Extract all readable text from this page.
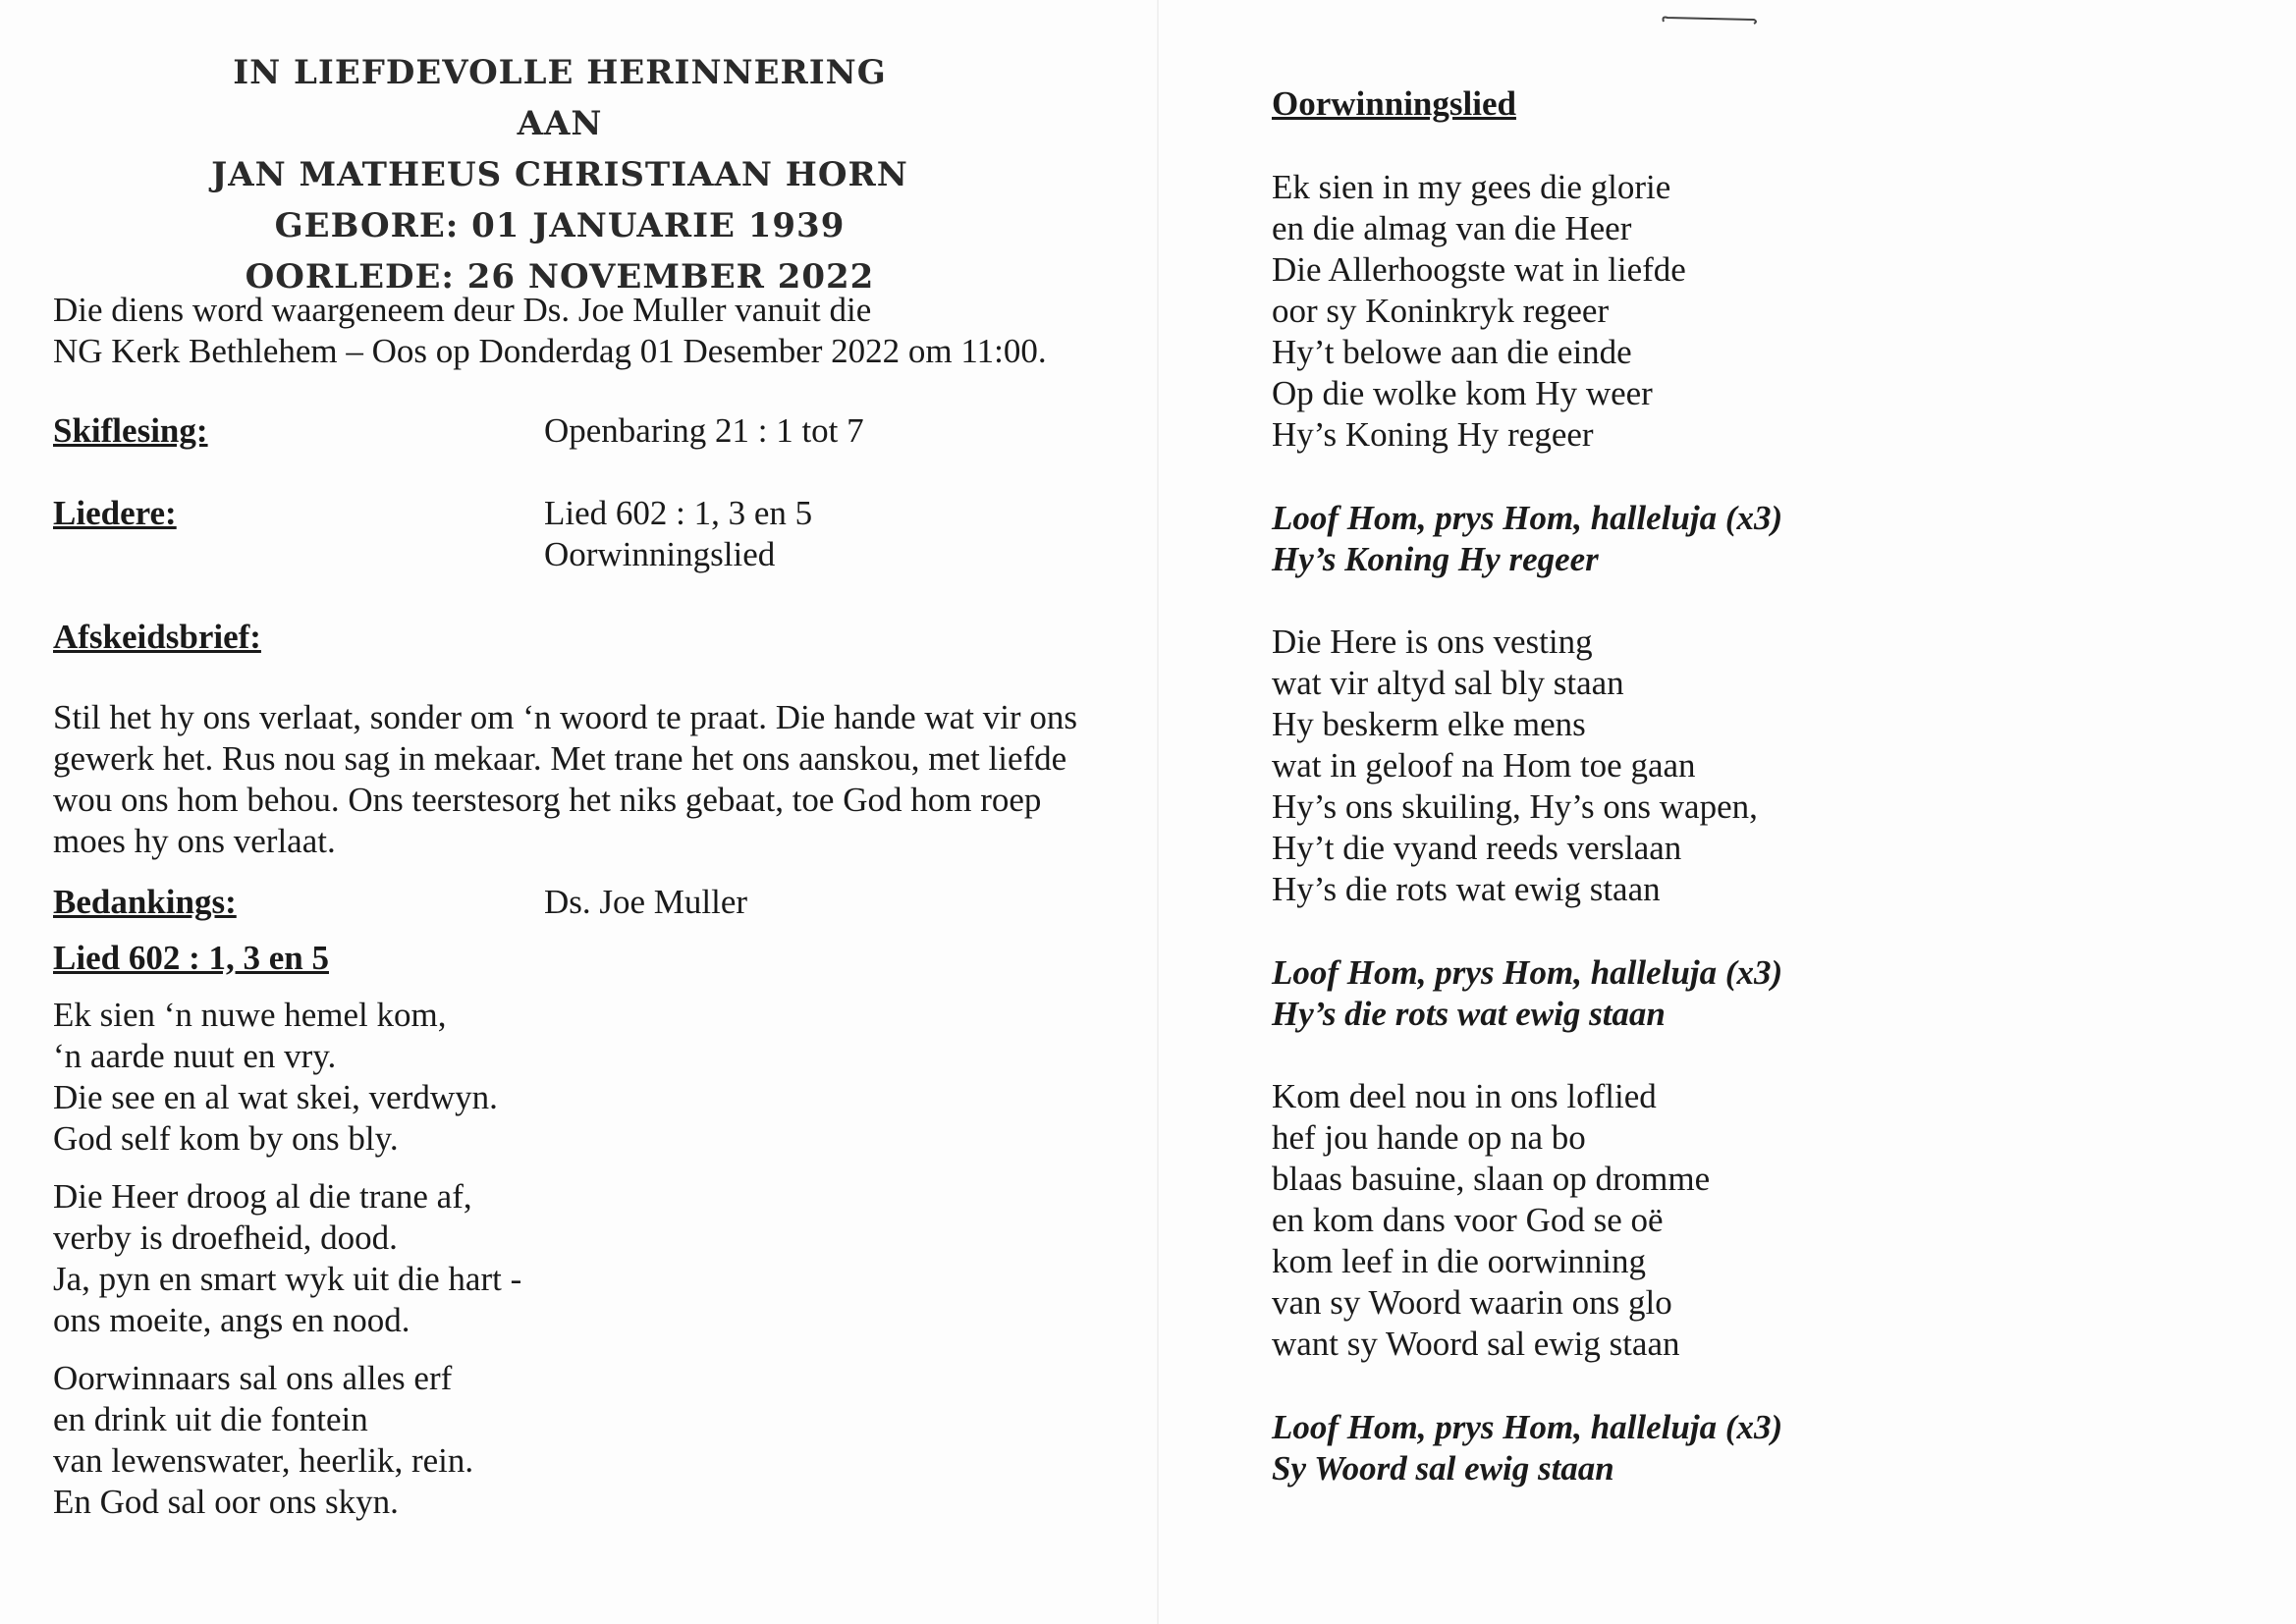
IN LIEFDEVOLLE HERINNERING AAN
JAN MATHEUS CHRISTIAAN HORN
GEBORE: 01 JANUARIE 1939
OORLEDE: 26 NOVEMBER 2022
Die diens word waargeneem deur Ds. Joe Muller vanuit die
NG Kerk Bethlehem – Oos op Donderdag 01 Desember 2022 om 11:00.
Skiflesing:	Openbaring 21 : 1 tot 7
Liedere:	Lied 602 : 1, 3 en 5
Oorwinningslied
Afskeidsbrief:
Stil het hy ons verlaat, sonder om ‘n woord te praat. Die hande wat vir ons gewerk het. Rus nou sag in mekaar. Met trane het ons aanskou, met liefde wou ons hom behou. Ons teerstesorg het niks gebaat, toe God hom roep moes hy ons verlaat.
Bedankings:	Ds. Joe Muller
Lied 602 : 1, 3 en 5
Ek sien ‘n nuwe hemel kom,
‘n aarde nuut en vry.
Die see en al wat skei, verdwyn.
God self kom by ons bly.
Die Heer droog al die trane af,
verby is droefheid, dood.
Ja, pyn en smart wyk uit die hart -
ons moeite, angs en nood.
Oorwinnaars sal ons alles erf
en drink uit die fontein
van lewenswater, heerlik, rein.
En God sal oor ons skyn.
Oorwinningslied
Ek sien in my gees die glorie
en die almag van die Heer
Die Allerhoogste wat in liefde
oor sy Koninkryk regeer
Hy’t belowe aan die einde
Op die wolke kom Hy weer
Hy’s Koning Hy regeer
Loof Hom, prys Hom, halleluja (x3)
Hy’s Koning Hy regeer
Die Here is ons vesting
wat vir altyd sal bly staan
Hy beskerm elke mens
wat in geloof na Hom toe gaan
Hy’s ons skuiling, Hy’s ons wapen,
Hy’t die vyand reeds verslaan
Hy’s die rots wat ewig staan
Loof Hom, prys Hom, halleluja (x3)
Hy’s die rots wat ewig staan
Kom deel nou in ons loflied
hef jou hande op na bo
blaas basuine, slaan op dromme
en kom dans voor God se oë
kom leef in die oorwinning
van sy Woord waarin ons glo
want sy Woord sal ewig staan
Loof Hom, prys Hom, halleluja (x3)
Sy Woord sal ewig staan
